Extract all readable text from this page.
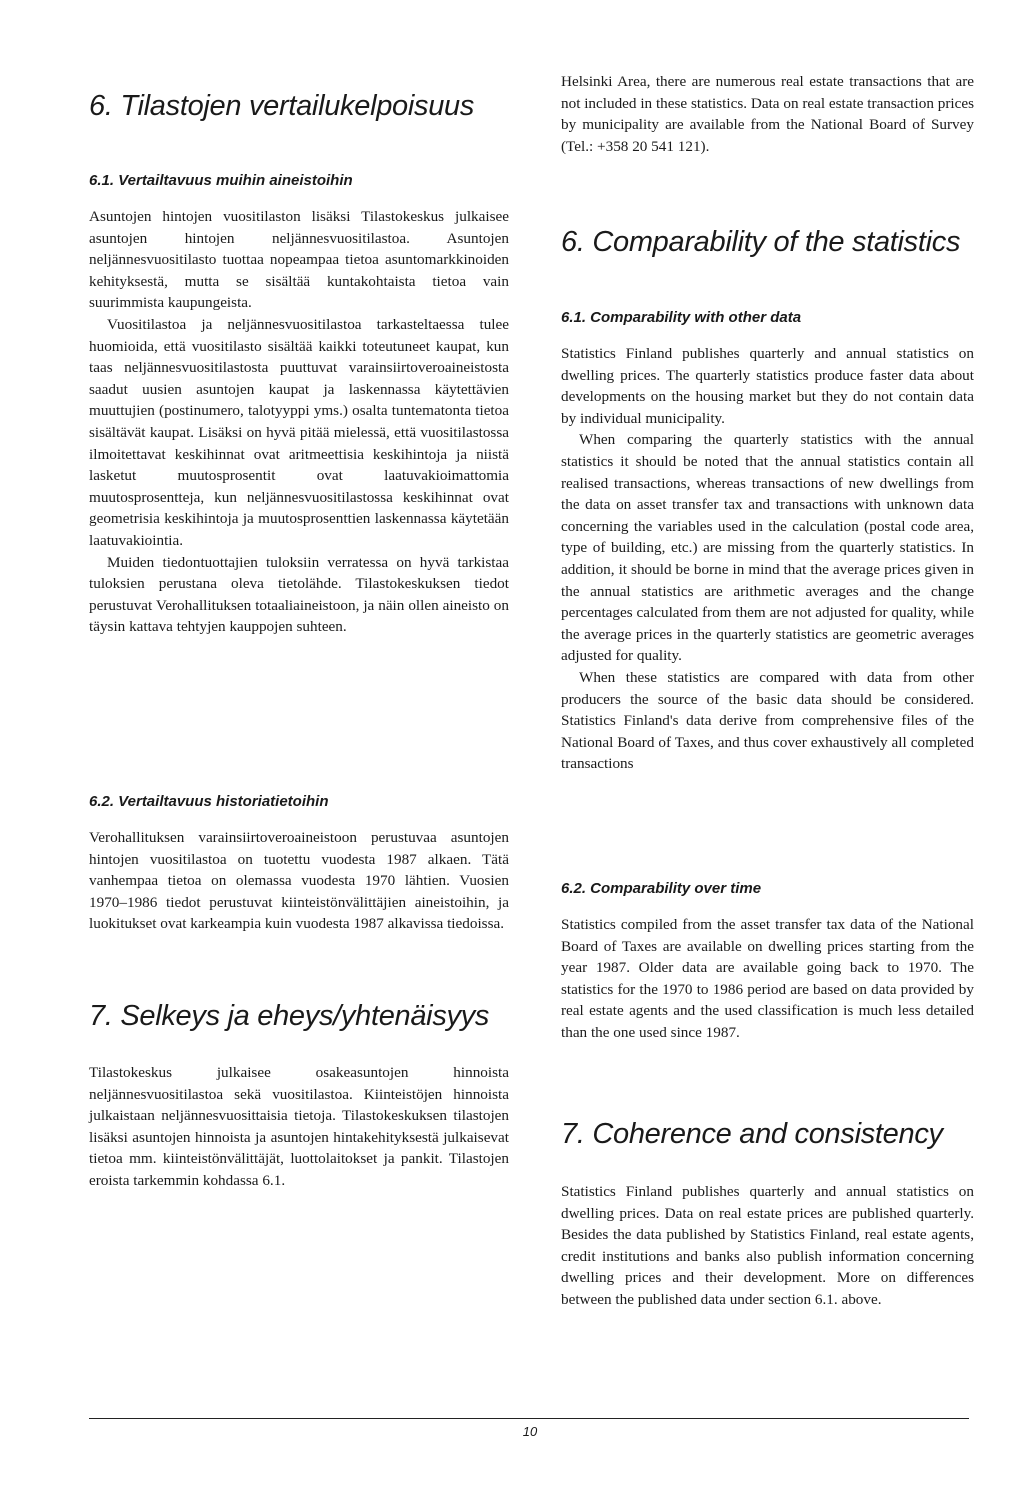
6. Tilastojen vertailukelpoisuus
6.1. Vertailtavuus muihin aineistoihin

Asuntojen hintojen vuositilaston lisäksi Tilastokeskus julkaisee asuntojen hintojen neljännesvuositilastoa. Asuntojen neljännesvuositilasto tuottaa nopeampaa tietoa asuntomarkkinoiden kehityksestä, mutta se sisältää kuntakohtaista tietoa vain suurimmista kaupungeista.

Vuositilastoa ja neljännesvuositilastoa tarkasteltaessa tulee huomioida, että vuositilasto sisältää kaikki toteutuneet kaupat, kun taas neljännesvuositilastosta puuttuvat varainsiirtoveroaineistosta saadut uusien asuntojen kaupat ja laskennassa käytettävien muuttujien (postinumero, talotyyppi yms.) osalta tuntematonta tietoa sisältävät kaupat. Lisäksi on hyvä pitää mielessä, että vuositilastossa ilmoitettavat keskihinnat ovat aritmeettisia keskihintoja ja niistä lasketut muutosprosentit ovat laatuvakioimattomia muutosprosentteja, kun neljännesvuositilastossa keskihinnat ovat geometrisia keskihintoja ja muutosprosenttien laskennassa käytetään laatuvakiointia.

Muiden tiedontuottajien tuloksiin verratessa on hyvä tarkistaa tuloksien perustana oleva tietolähde. Tilastokeskuksen tiedot perustuvat Verohallituksen totaaliaineistoon, ja näin ollen aineisto on täysin kattava tehtyjen kauppojen suhteen.

6.2. Vertailtavuus historiatietoihin

Verohallituksen varainsiirtoveroaineistoon perustuvaa asuntojen hintojen vuositilastoa on tuotettu vuodesta 1987 alkaen. Tätä vanhempaa tietoa on olemassa vuodesta 1970 lähtien. Vuosien 1970–1986 tiedot perustuvat kiinteistönvälittäjien aineistoihin, ja luokitukset ovat karkeampia kuin vuodesta 1987 alkavissa tiedoissa.

7. Selkeys ja eheys/yhtenäisyys

Tilastokeskus julkaisee osakeasuntojen hinnoista neljännesvuositilastoa sekä vuositilastoa. Kiinteistöjen hinnoista julkaistaan neljännesvuosittaisia tietoja. Tilastokeskuksen tilastojen lisäksi asuntojen hinnoista ja asuntojen hintakehityksestä julkaisevat tietoa mm. kiinteistönvälittäjät, luottolaitokset ja pankit. Tilastojen eroista tarkemmin kohdassa 6.1.

Helsinki Area, there are numerous real estate transactions that are not included in these statistics. Data on real estate transaction prices by municipality are available from the National Board of Survey (Tel.: +358 20 541 121).

6. Comparability of the statistics
6.1. Comparability with other data

Statistics Finland publishes quarterly and annual statistics on dwelling prices. The quarterly statistics produce faster data about developments on the housing market but they do not contain data by individual municipality.

When comparing the quarterly statistics with the annual statistics it should be noted that the annual statistics contain all realised transactions, whereas transactions of new dwellings from the data on asset transfer tax and transactions with unknown data concerning the variables used in the calculation (postal code area, type of building, etc.) are missing from the quarterly statistics. In addition, it should be borne in mind that the average prices given in the annual statistics are arithmetic averages and the change percentages calculated from them are not adjusted for quality, while the average prices in the quarterly statistics are geometric averages adjusted for quality.

When these statistics are compared with data from other producers the source of the basic data should be considered. Statistics Finland's data derive from comprehensive files of the National Board of Taxes, and thus cover exhaustively all completed transactions

6.2. Comparability over time

Statistics compiled from the asset transfer tax data of the National Board of Taxes are available on dwelling prices starting from the year 1987. Older data are available going back to 1970. The statistics for the 1970 to 1986 period are based on data provided by real estate agents and the used classification is much less detailed than the one used since 1987.

7. Coherence and consistency

Statistics Finland publishes quarterly and annual statistics on dwelling prices. Data on real estate prices are published quarterly. Besides the data published by Statistics Finland, real estate agents, credit institutions and banks also publish information concerning dwelling prices and their development. More on differences between the published data under section 6.1. above.

10
